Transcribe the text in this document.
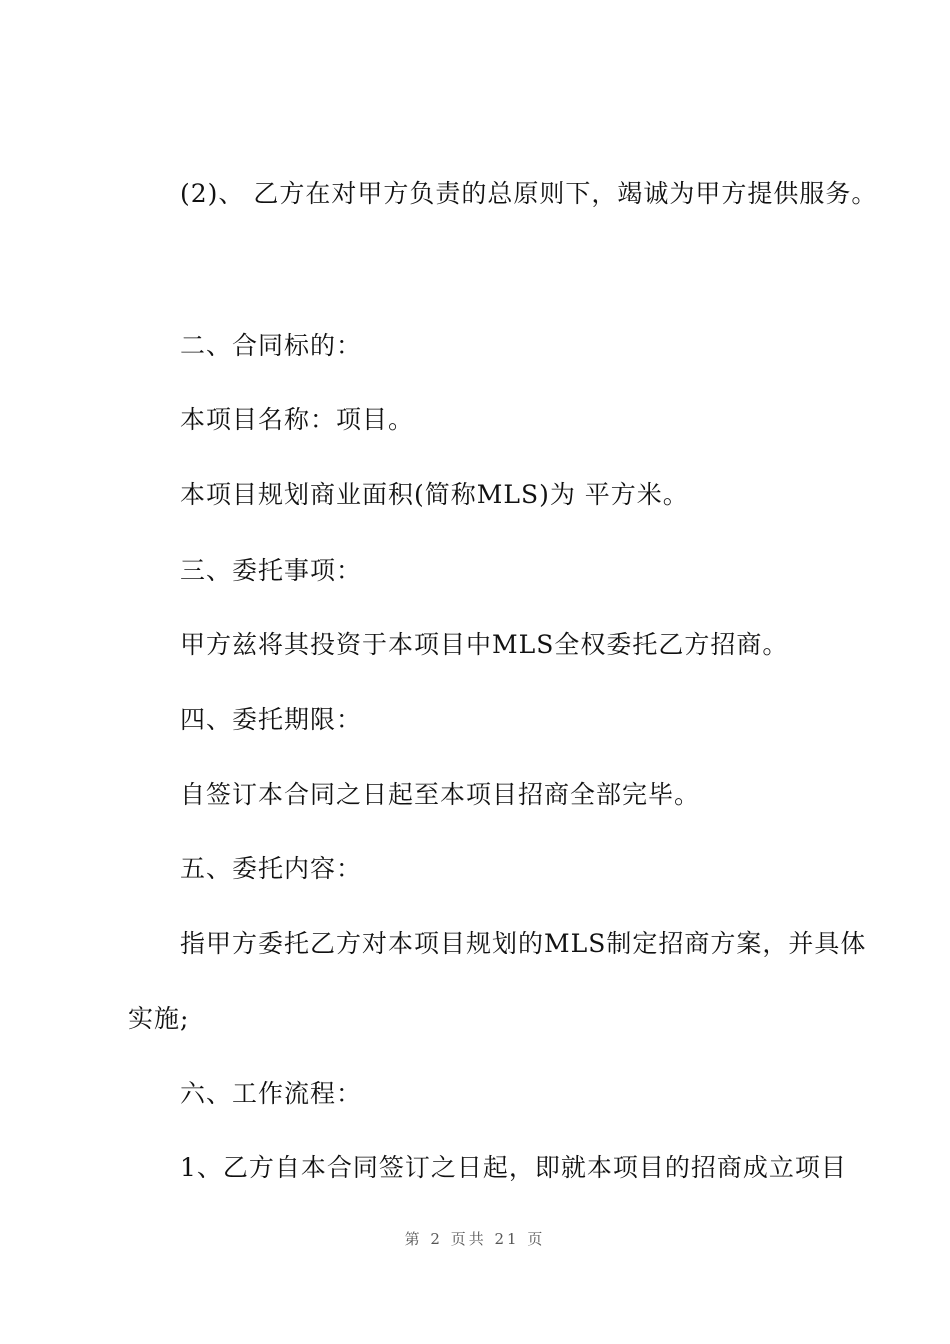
(2)、 乙方在对甲方负责的总原则下，竭诚为甲方提供服务。
二、合同标的：
本项目名称：项目。
本项目规划商业面积(简称MLS)为 平方米。
三、委托事项：
甲方兹将其投资于本项目中MLS全权委托乙方招商。
四、委托期限：
自签订本合同之日起至本项目招商全部完毕。
五、委托内容：
指甲方委托乙方对本项目规划的MLS制定招商方案，并具体
实施;
六、工作流程：
1、乙方自本合同签订之日起，即就本项目的招商成立项目
第 2 页共 21 页
